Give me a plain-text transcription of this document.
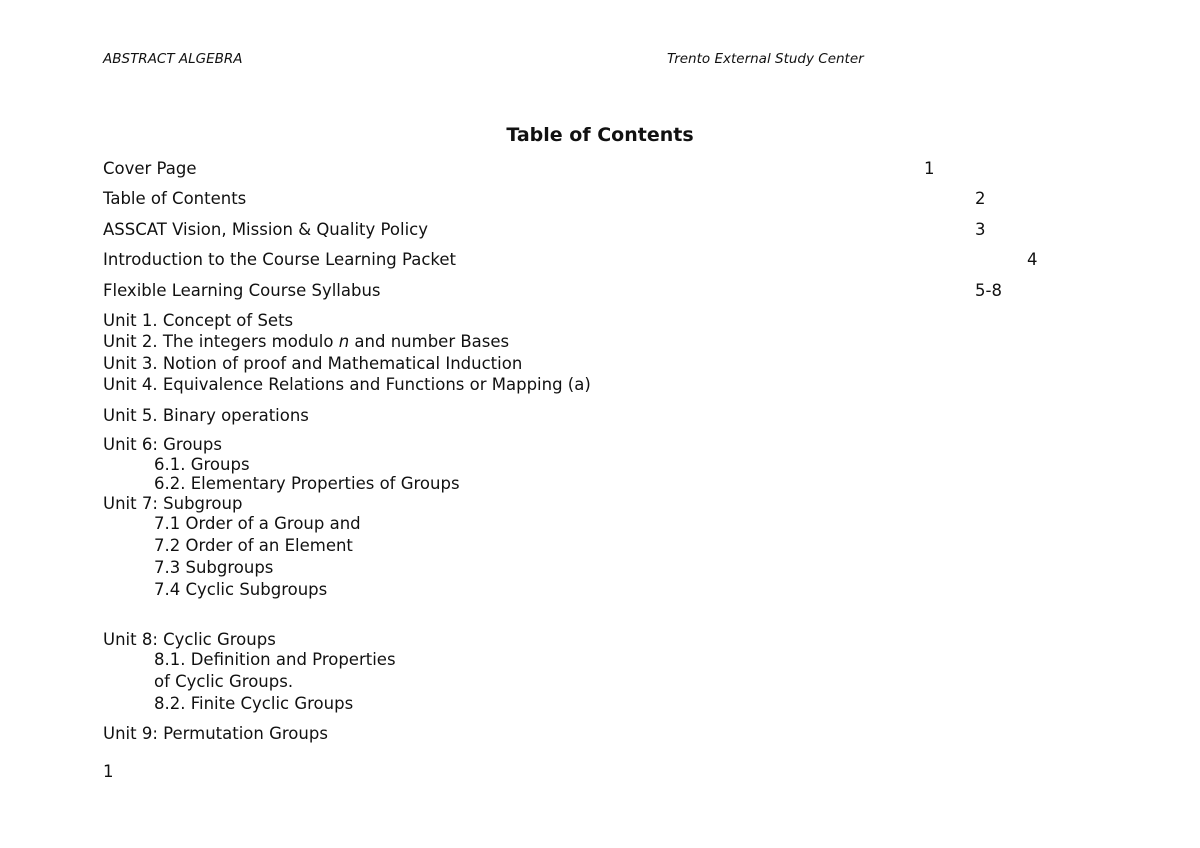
ABSTRACT ALGEBRA	Trento External Study Center
Table of Contents
Cover Page	1
Table of Contents	2
ASSCAT Vision, Mission & Quality Policy	3
Introduction to the Course Learning Packet	4
Flexible Learning Course Syllabus	5-8
Unit 1. Concept of Sets
Unit 2. The integers modulo n and number Bases
Unit 3. Notion of proof and Mathematical Induction
Unit 4. Equivalence Relations and Functions or Mapping (a)
Unit 5. Binary operations
Unit 6: Groups
6.1. Groups
6.2. Elementary Properties of Groups
Unit 7: Subgroup
7.1 Order of a Group and
7.2 Order of an Element
7.3 Subgroups
7.4 Cyclic Subgroups
Unit 8: Cyclic Groups
8.1. Definition and Properties
of Cyclic Groups.
8.2. Finite Cyclic Groups
Unit 9: Permutation Groups
1
